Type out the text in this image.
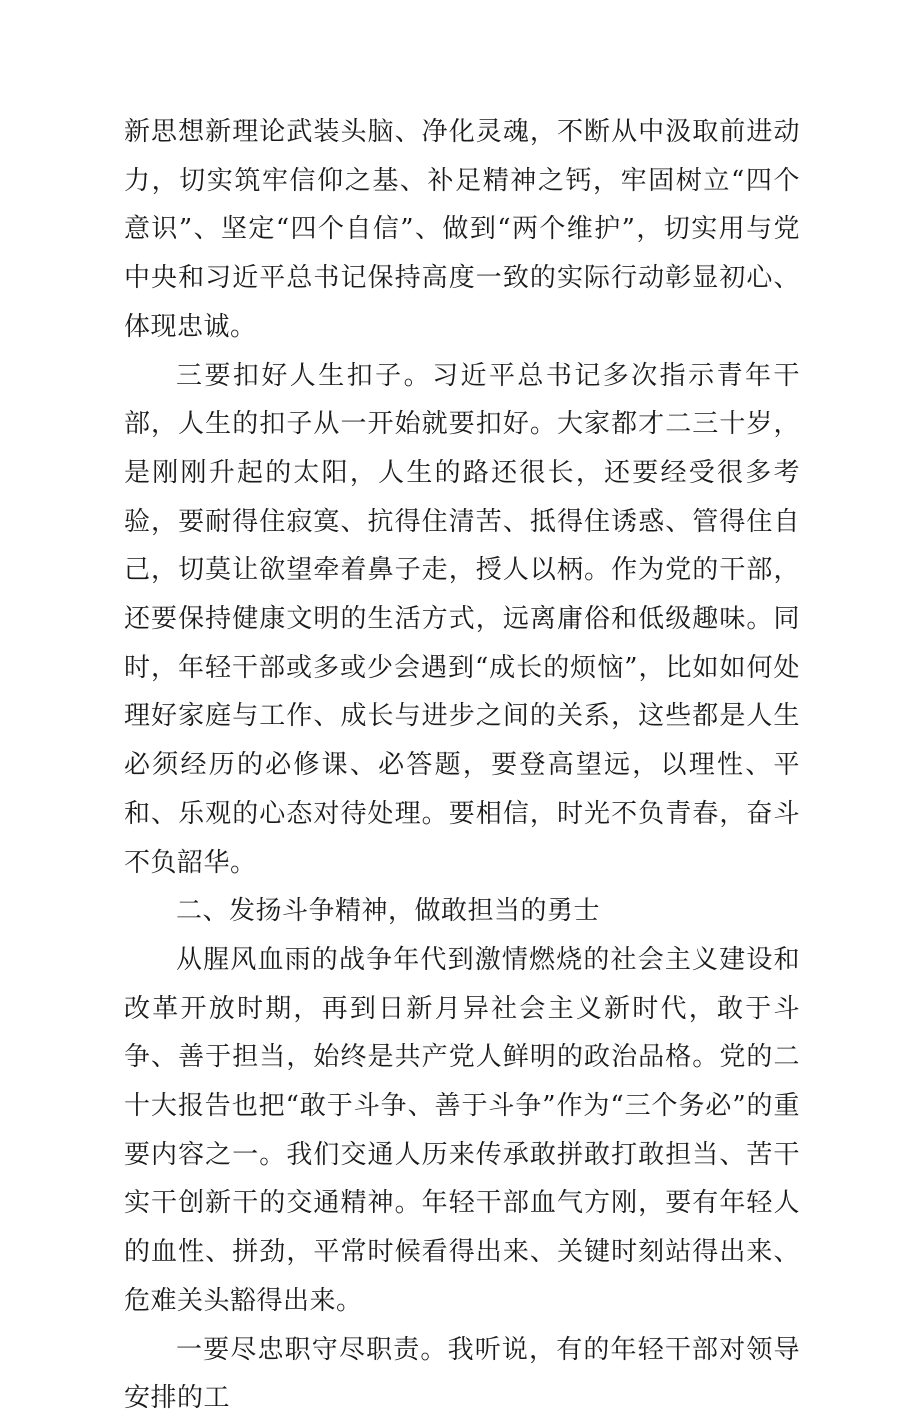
新思想新理论武装头脑、净化灵魂，不断从中汲取前进动力，切实筑牢信仰之基、补足精神之钙，牢固树立“四个意识”、坚定“四个自信”、做到“两个维护”，切实用与党中央和习近平总书记保持高度一致的实际行动彰显初心、体现忠诚。

三要扣好人生扣子。习近平总书记多次指示青年干部，人生的扣子从一开始就要扣好。大家都才二三十岁，是刚刚升起的太阳，人生的路还很长，还要经受很多考验，要耐得住寂寞、抗得住清苦、抵得住诱惑、管得住自己，切莫让欲望牵着鼻子走，授人以柄。作为党的干部，还要保持健康文明的生活方式，远离庸俗和低级趣味。同时，年轻干部或多或少会遇到“成长的烦恼”，比如如何处理好家庭与工作、成长与进步之间的关系，这些都是人生必须经历的必修课、必答题，要登高望远，以理性、平和、乐观的心态对待处理。要相信，时光不负青春，奋斗不负韶华。

二、发扬斗争精神，做敢担当的勇士

从腥风血雨的战争年代到激情燃烧的社会主义建设和改革开放时期，再到日新月异社会主义新时代，敢于斗争、善于担当，始终是共产党人鲜明的政治品格。党的二十大报告也把“敢于斗争、善于斗争”作为“三个务必”的重要内容之一。我们交通人历来传承敢拼敢打敢担当、苦干实干创新干的交通精神。年轻干部血气方刚，要有年轻人的血性、拼劲，平常时候看得出来、关键时刻站得出来、危难关头豁得出来。

一要尽忠职守尽职责。我听说，有的年轻干部对领导安排的工
